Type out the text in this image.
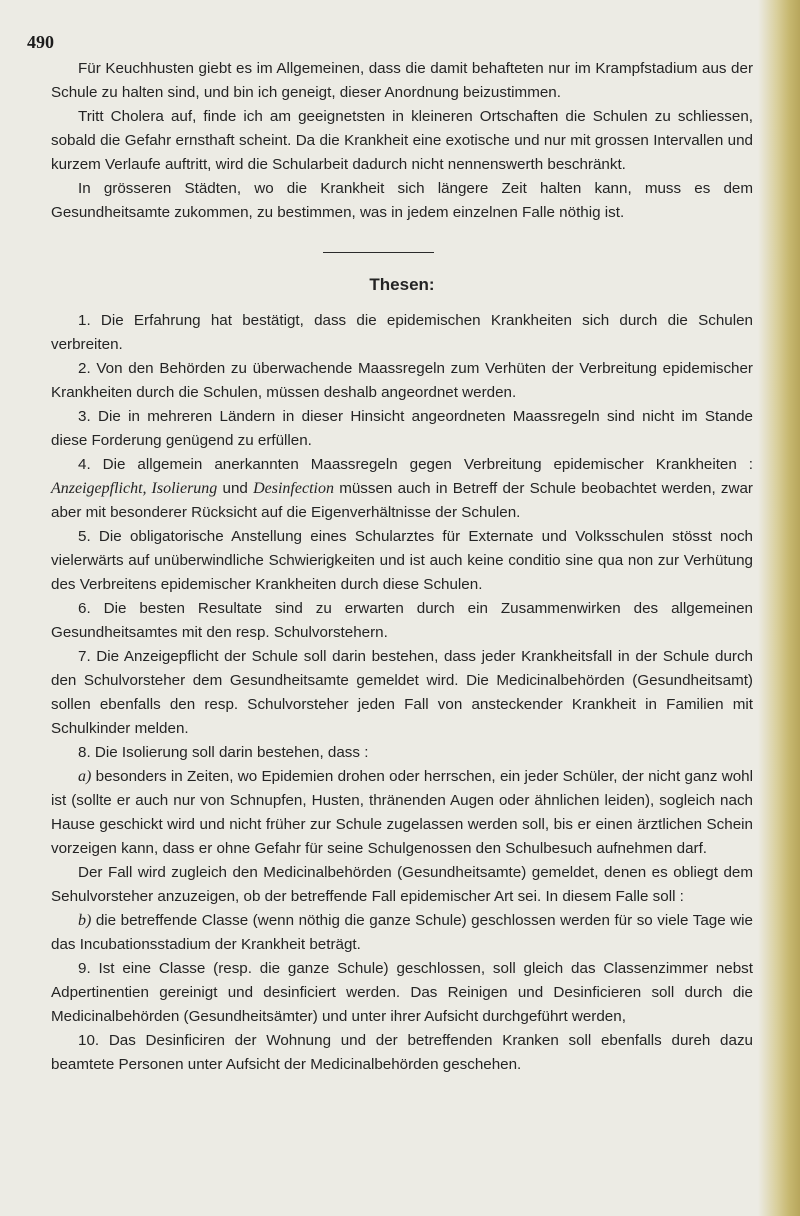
490

Für Keuchhusten giebt es im Allgemeinen, dass die damit behafteten nur im Krampfstadium aus der Schule zu halten sind, und bin ich geneigt, dieser Anordnung beizustimmen.

Tritt Cholera auf, finde ich am geeignetsten in kleineren Ortschaften die Schulen zu schliessen, sobald die Gefahr ernsthaft scheint. Da die Krankheit eine exotische und nur mit grossen Intervallen und kurzem Verlaufe auftritt, wird die Schularbeit dadurch nicht nennenswerth beschränkt.

In grösseren Städten, wo die Krankheit sich längere Zeit halten kann, muss es dem Gesundheitsamte zukommen, zu bestimmen, was in jedem einzelnen Falle nöthig ist.

Thesen:

1. Die Erfahrung hat bestätigt, dass die epidemischen Krankheiten sich durch die Schulen verbreiten.

2. Von den Behörden zu überwachende Maassregeln zum Verhüten der Verbreitung epidemischer Krankheiten durch die Schulen, müssen deshalb angeordnet werden.

3. Die in mehreren Ländern in dieser Hinsicht angeordneten Maassregeln sind nicht im Stande diese Forderung genügend zu erfüllen.

4. Die allgemein anerkannten Maassregeln gegen Verbreitung epidemischer Krankheiten : Anzeigepflicht, Isolierung und Desinfection müssen auch in Betreff der Schule beobachtet werden, zwar aber mit besonderer Rücksicht auf die Eigenverhältnisse der Schulen.

5. Die obligatorische Anstellung eines Schularztes für Externate und Volksschulen stösst noch vielerwärts auf unüberwindliche Schwierigkeiten und ist auch keine conditio sine qua non zur Verhütung des Verbreitens epidemischer Krankheiten durch diese Schulen.

6. Die besten Resultate sind zu erwarten durch ein Zusammenwirken des allgemeinen Gesundheitsamtes mit den resp. Schulvorstehern.

7. Die Anzeigepflicht der Schule soll darin bestehen, dass jeder Krankheitsfall in der Schule durch den Schulvorsteher dem Gesundheitsamte gemeldet wird. Die Medicinalbehörden (Gesundheitsamt) sollen ebenfalls den resp. Schulvorsteher jeden Fall von ansteckender Krankheit in Familien mit Schulkinder melden.

8. Die Isolierung soll darin bestehen, dass :

a) besonders in Zeiten, wo Epidemien drohen oder herrschen, ein jeder Schüler, der nicht ganz wohl ist (sollte er auch nur von Schnupfen, Husten, thränenden Augen oder ähnlichen leiden), sogleich nach Hause geschickt wird und nicht früher zur Schule zugelassen werden soll, bis er einen ärztlichen Schein vorzeigen kann, dass er ohne Gefahr für seine Schulgenossen den Schulbesuch aufnehmen darf.

Der Fall wird zugleich den Medicinalbehörden (Gesundheitsamte) gemeldet, denen es obliegt dem Sehulvorsteher anzuzeigen, ob der betreffende Fall epidemischer Art sei. In diesem Falle soll :

b) die betreffende Classe (wenn nöthig die ganze Schule) geschlossen werden für so viele Tage wie das Incubationsstadium der Krankheit beträgt.

9. Ist eine Classe (resp. die ganze Schule) geschlossen, soll gleich das Classenzimmer nebst Adpertinentien gereinigt und desinficiert werden. Das Reinigen und Desinficieren soll durch die Medicinalbehörden (Gesundheitsämter) und unter ihrer Aufsicht durchgeführt werden,

10. Das Desinficiren der Wohnung und der betreffenden Kranken soll ebenfalls dureh dazu beamtete Personen unter Aufsicht der Medicinalbehörden geschehen.
